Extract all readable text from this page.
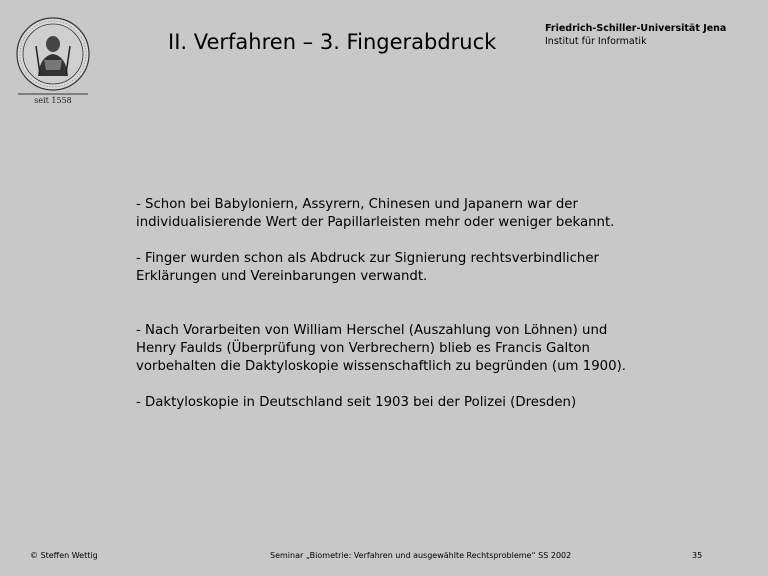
seit 1558
II. Verfahren – 3. Fingerabdruck
Friedrich-Schiller-Universität Jena
Institut für Informatik

- Schon bei Babyloniern, Assyrern, Chinesen und Japanern war der
individualisierende Wert der Papillarleisten mehr oder weniger bekannt.

- Finger wurden schon als Abdruck zur Signierung rechtsverbindlicher
Erklärungen und Vereinbarungen verwandt.

- Nach Vorarbeiten von William Herschel (Auszahlung von Löhnen) und
Henry Faulds (Überprüfung von Verbrechern) blieb es Francis Galton
vorbehalten die Daktyloskopie wissenschaftlich zu begründen (um 1900).

- Daktyloskopie in Deutschland seit 1903 bei der Polizei (Dresden)

© Steffen Wettig	Seminar „Biometrie: Verfahren und ausgewählte Rechtsprobleme“ SS 2002	35
